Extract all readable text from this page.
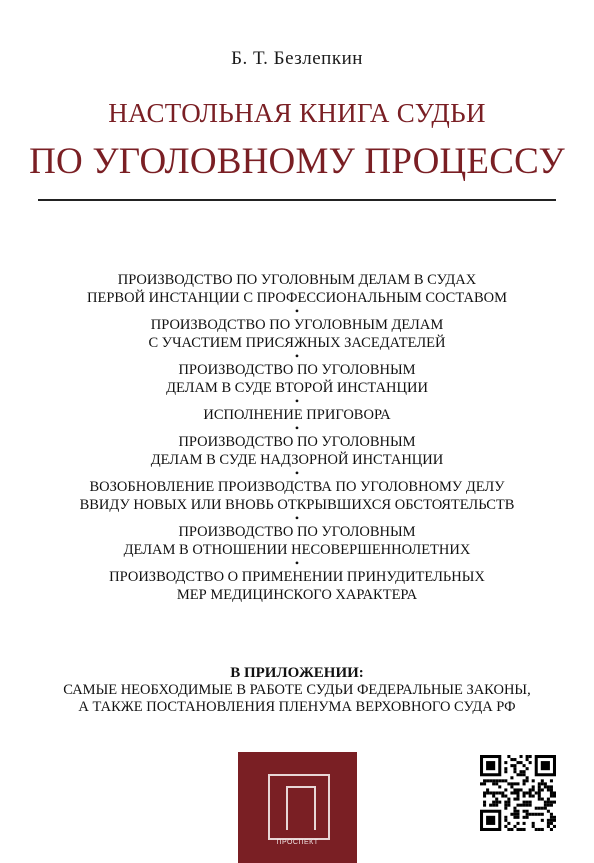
Б. Т. Безлепкин
НАСТОЛЬНАЯ КНИГА СУДЬИ
ПО УГОЛОВНОМУ ПРОЦЕССУ
ПРОИЗВОДСТВО ПО УГОЛОВНЫМ ДЕЛАМ В СУДАХ
ПЕРВОЙ ИНСТАНЦИИ С ПРОФЕССИОНАЛЬНЫМ СОСТАВОМ
•
ПРОИЗВОДСТВО ПО УГОЛОВНЫМ ДЕЛАМ
С УЧАСТИЕМ ПРИСЯЖНЫХ ЗАСЕДАТЕЛЕЙ
•
ПРОИЗВОДСТВО ПО УГОЛОВНЫМ
ДЕЛАМ В СУДЕ ВТОРОЙ ИНСТАНЦИИ
•
ИСПОЛНЕНИЕ ПРИГОВОРА
•
ПРОИЗВОДСТВО ПО УГОЛОВНЫМ
ДЕЛАМ В СУДЕ НАДЗОРНОЙ ИНСТАНЦИИ
•
ВОЗОБНОВЛЕНИЕ ПРОИЗВОДСТВА ПО УГОЛОВНОМУ ДЕЛУ
ВВИДУ НОВЫХ ИЛИ ВНОВЬ ОТКРЫВШИХСЯ ОБСТОЯТЕЛЬСТВ
•
ПРОИЗВОДСТВО ПО УГОЛОВНЫМ
ДЕЛАМ В ОТНОШЕНИИ НЕСОВЕРШЕННОЛЕТНИХ
•
ПРОИЗВОДСТВО О ПРИМЕНЕНИИ ПРИНУДИТЕЛЬНЫХ
МЕР МЕДИЦИНСКОГО ХАРАКТЕРА
В ПРИЛОЖЕНИИ:
САМЫЕ НЕОБХОДИМЫЕ В РАБОТЕ СУДЬИ ФЕДЕРАЛЬНЫЕ ЗАКОНЫ,
А ТАКЖЕ ПОСТАНОВЛЕНИЯ ПЛЕНУМА ВЕРХОВНОГО СУДА РФ
ПРОСПЕКТ
